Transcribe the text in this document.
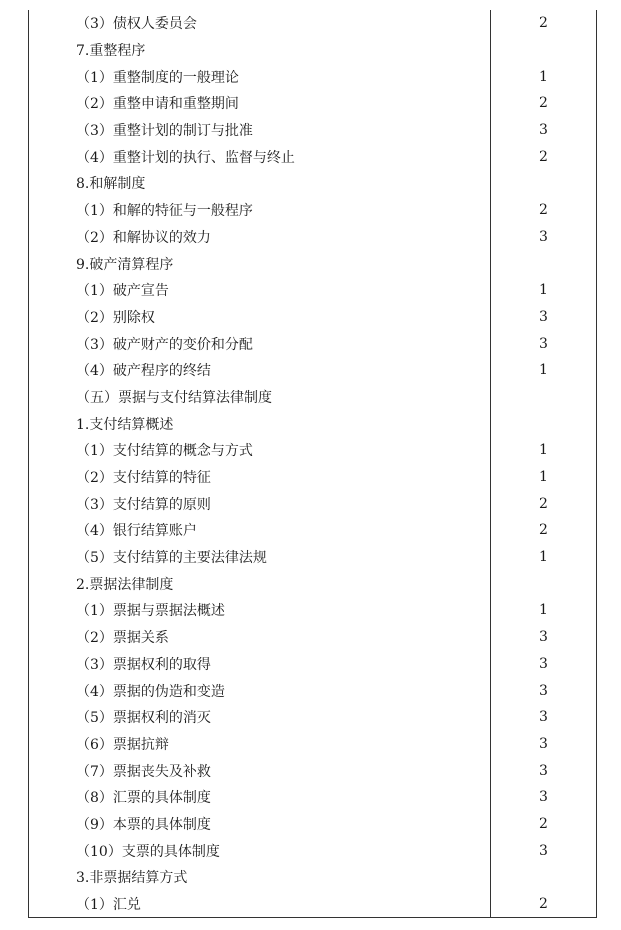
（3）债权人委员会	2
7.重整程序
（1）重整制度的一般理论	1
（2）重整申请和重整期间	2
（3）重整计划的制订与批准	3
（4）重整计划的执行、监督与终止	2
8.和解制度
（1）和解的特征与一般程序	2
（2）和解协议的效力	3
9.破产清算程序
（1）破产宣告	1
（2）别除权	3
（3）破产财产的变价和分配	3
（4）破产程序的终结	1
（五）票据与支付结算法律制度
1.支付结算概述
（1）支付结算的概念与方式	1
（2）支付结算的特征	1
（3）支付结算的原则	2
（4）银行结算账户	2
（5）支付结算的主要法律法规	1
2.票据法律制度
（1）票据与票据法概述	1
（2）票据关系	3
（3）票据权利的取得	3
（4）票据的伪造和变造	3
（5）票据权利的消灭	3
（6）票据抗辩	3
（7）票据丧失及补救	3
（8）汇票的具体制度	3
（9）本票的具体制度	2
（10）支票的具体制度	3
3.非票据结算方式
（1）汇兑	2
